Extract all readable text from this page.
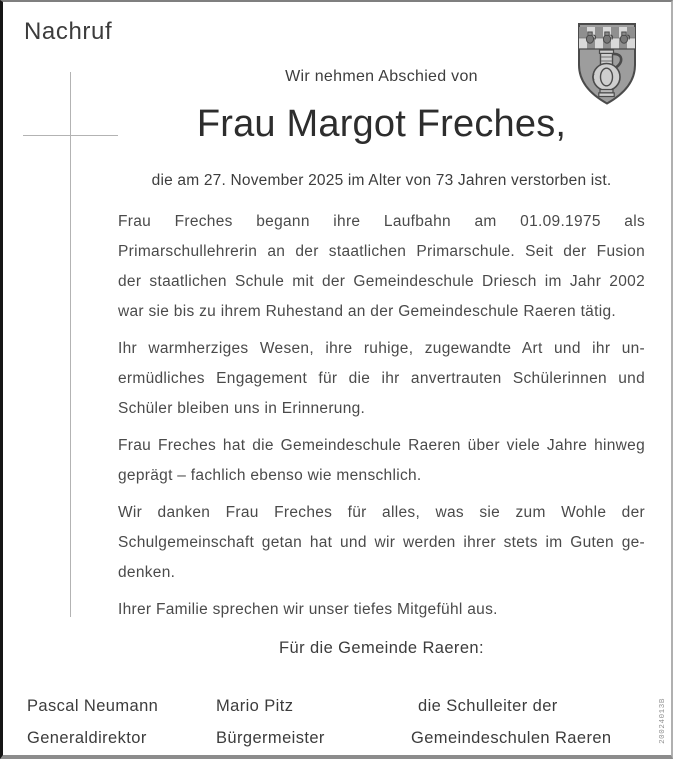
Nachruf
Wir nehmen Abschied von
Frau Margot Freches,
die am 27. November 2025 im Alter von 73 Jahren verstorben ist.
Frau Freches begann ihre Laufbahn am 01.09.1975 als
Primarschullehrerin an der staatlichen Primarschule. Seit der Fusion
der staatlichen Schule mit der Gemeindeschule Driesch im Jahr 2002
war sie bis zu ihrem Ruhestand an der Gemeindeschule Raeren tätig.
Ihr warmherziges Wesen, ihre ruhige, zugewandte Art und ihr un-
ermüdliches Engagement für die ihr anvertrauten Schülerinnen und
Schüler bleiben uns in Erinnerung.
Frau Freches hat die Gemeindeschule Raeren über viele Jahre hinweg
geprägt – fachlich ebenso wie menschlich.
Wir danken Frau Freches für alles, was sie zum Wohle der
Schulgemeinschaft getan hat und wir werden ihrer stets im Guten ge-
denken.
Ihrer Familie sprechen wir unser tiefes Mitgefühl aus.
Für die Gemeinde Raeren:
Pascal Neumann
Generaldirektor
Mario Pitz
Bürgermeister
die Schulleiter der
Gemeindeschulen Raeren	20024013B
